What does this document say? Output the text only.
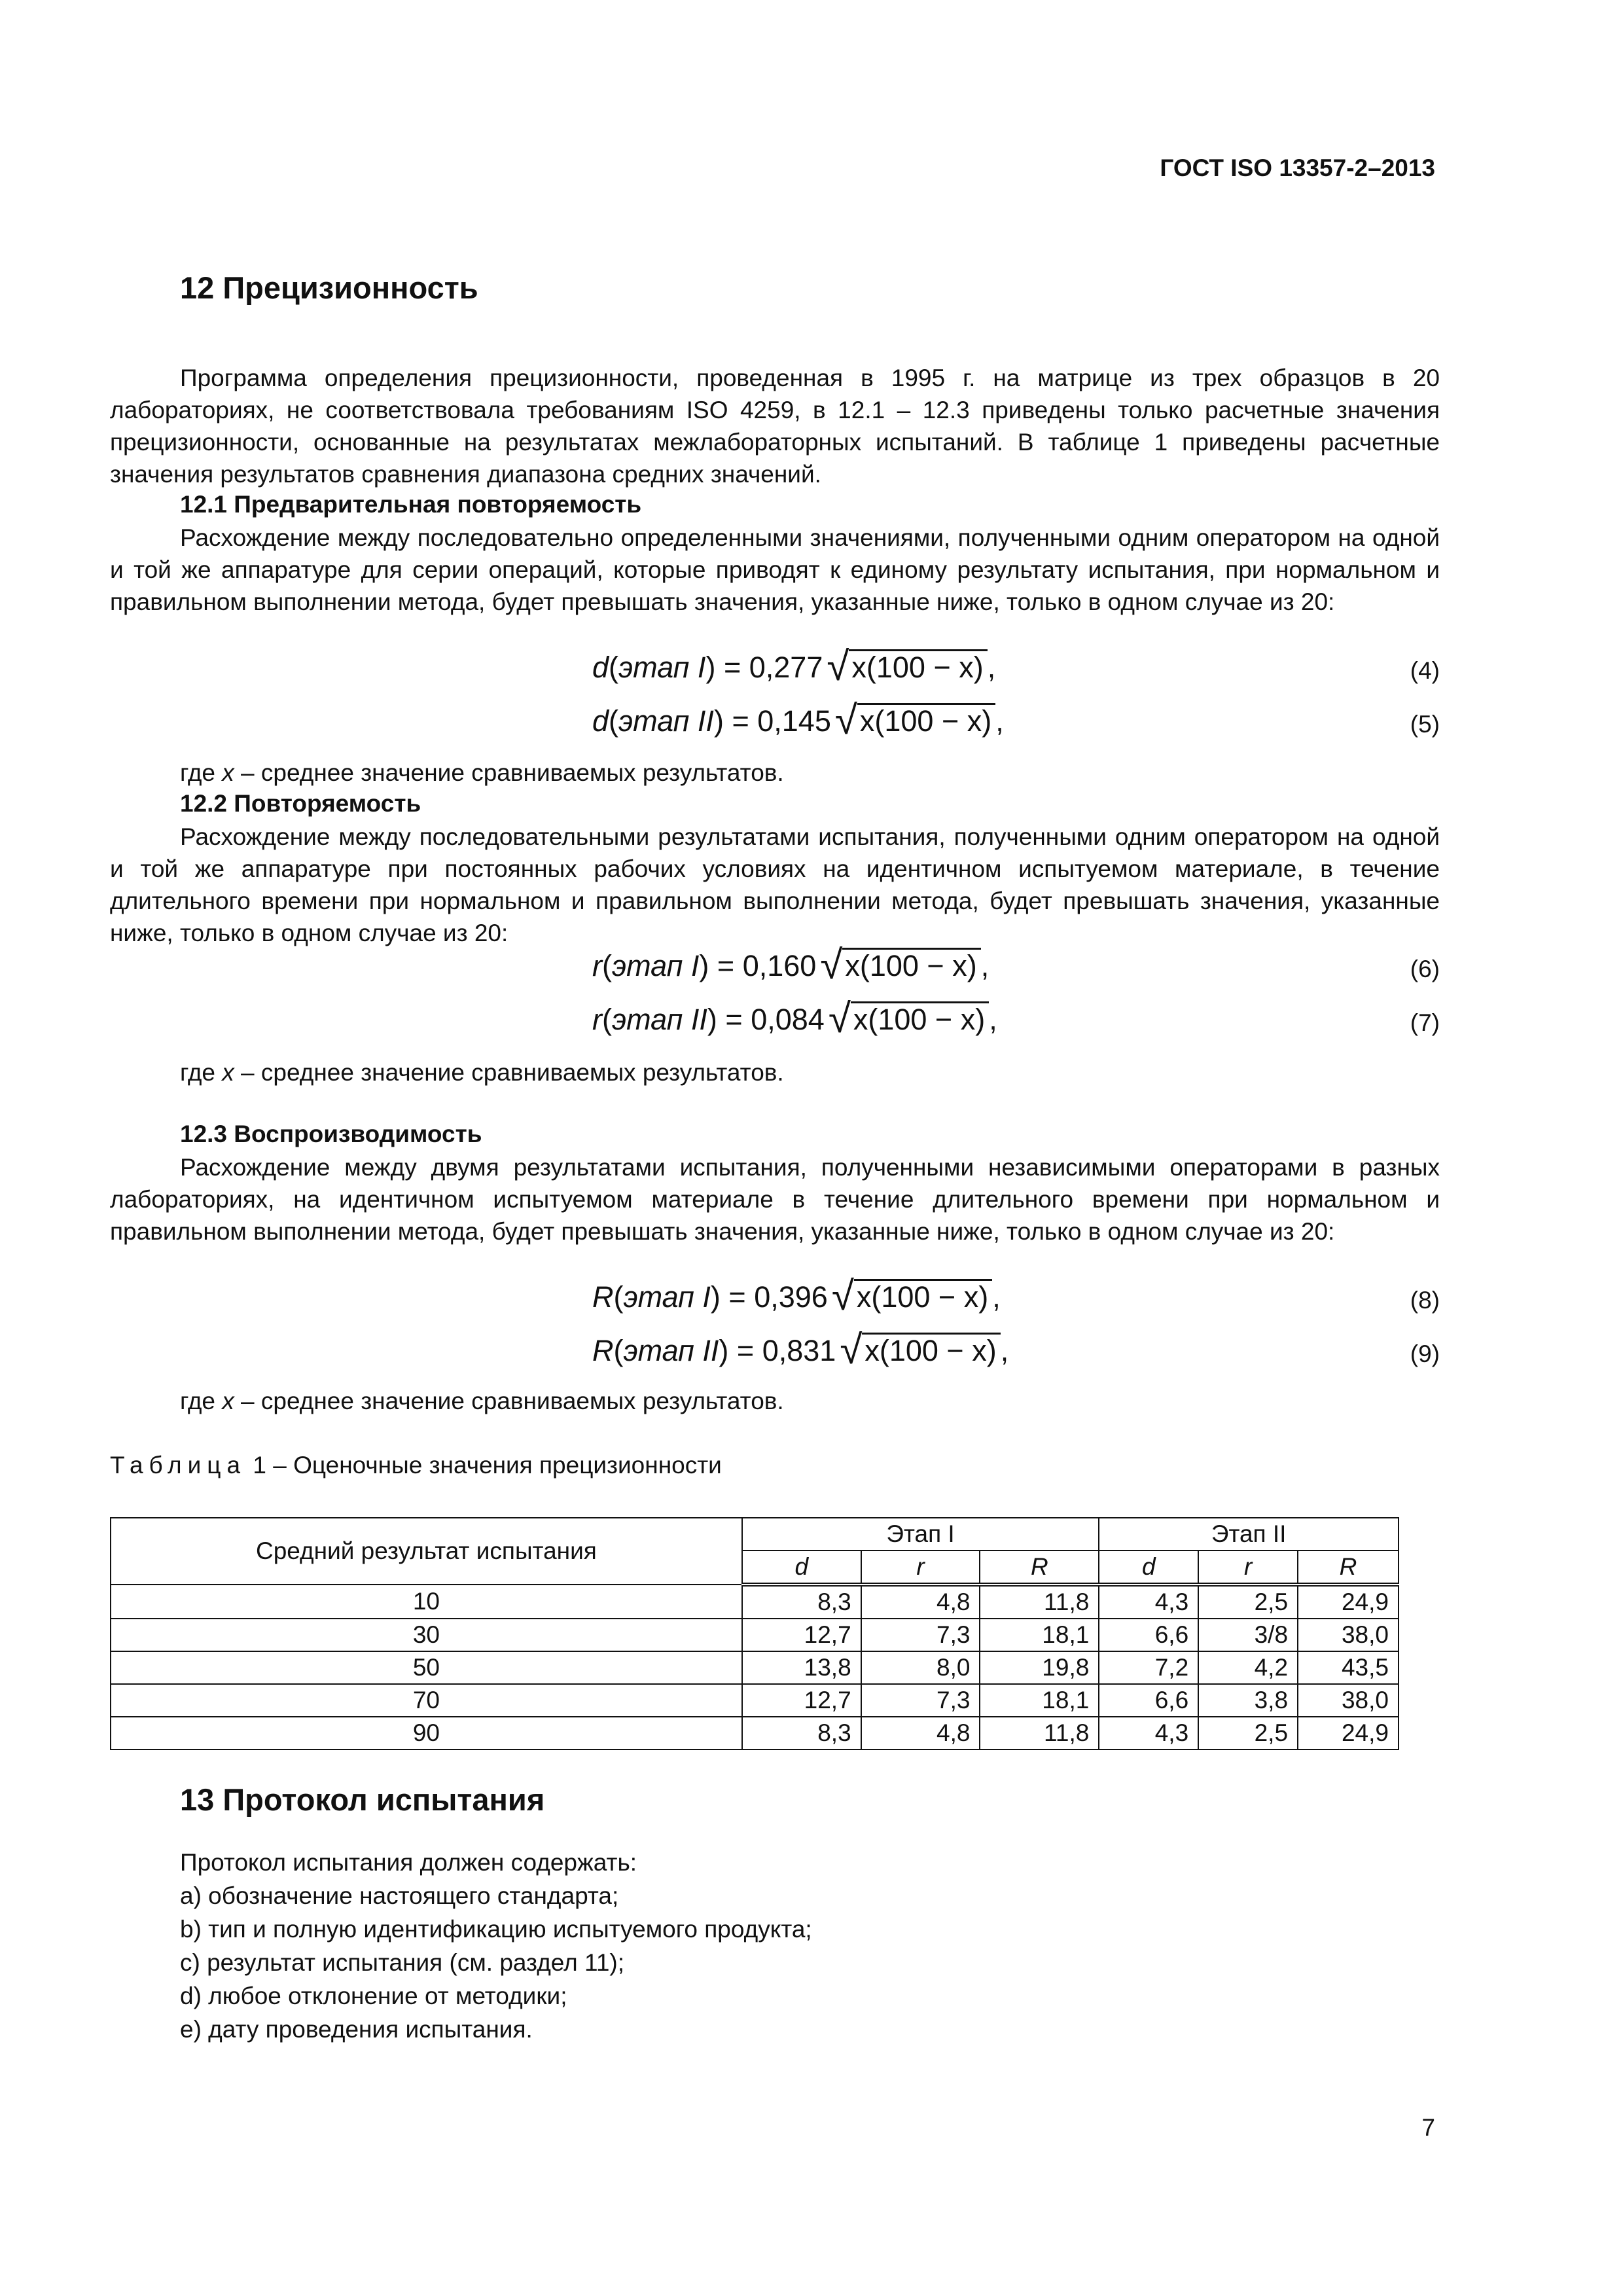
ГОСТ ISO 13357-2–2013
12 Прецизионность
Программа определения прецизионности, проведенная в 1995 г. на матрице из трех образцов в 20 лабораториях, не соответствовала требованиям ISO 4259, в 12.1 – 12.3 приведены только расчетные значения прецизионности, основанные на результатах межлабораторных испытаний. В таблице 1 приведены расчетные значения результатов сравнения диапазона средних значений.
12.1 Предварительная повторяемость
Расхождение между последовательно определенными значениями, полученными одним оператором на одной и той же аппаратуре для серии операций, которые приводят к единому результату испытания, при нормальном и правильном выполнении метода, будет превышать значения, указанные ниже, только в одном случае из 20:
d(этап I) = 0,277√x(100 − x) ,	(4)
d(этап II) = 0,145√x(100 − x) ,	(5)
где x – среднее значение сравниваемых результатов.
12.2 Повторяемость
Расхождение между последовательными результатами испытания, полученными одним оператором на одной и той же аппаратуре при постоянных рабочих условиях на идентичном испытуемом материале, в течение длительного времени при нормальном и правильном выполнении метода, будет превышать значения, указанные ниже, только в одном случае из 20:
r(этап I) = 0,160√x(100 − x) ,	(6)
r(этап II) = 0,084√x(100 − x) ,	(7)
где x – среднее значение сравниваемых результатов.
12.3 Воспроизводимость
Расхождение между двумя результатами испытания, полученными независимыми операторами в разных лабораториях, на идентичном испытуемом материале в течение длительного времени при нормальном и правильном выполнении метода, будет превышать значения, указанные ниже, только в одном случае из 20:
R(этап I) = 0,396√x(100 − x) ,	(8)
R(этап II) = 0,831√x(100 − x) ,	(9)
где x – среднее значение сравниваемых результатов.
Таблица 1 – Оценочные значения прецизионности
Средний результат испытания	Этап I			Этап II		
	d	r	R	d	r	R
10	8,3	4,8	11,8	4,3	2,5	24,9
30	12,7	7,3	18,1	6,6	3/8	38,0
50	13,8	8,0	19,8	7,2	4,2	43,5
70	12,7	7,3	18,1	6,6	3,8	38,0
90	8,3	4,8	11,8	4,3	2,5	24,9
13 Протокол испытания
Протокол испытания должен содержать:
a) обозначение настоящего стандарта;
b) тип и полную идентификацию испытуемого продукта;
c) результат испытания (см. раздел 11);
d) любое отклонение от методики;
e) дату проведения испытания.
7
